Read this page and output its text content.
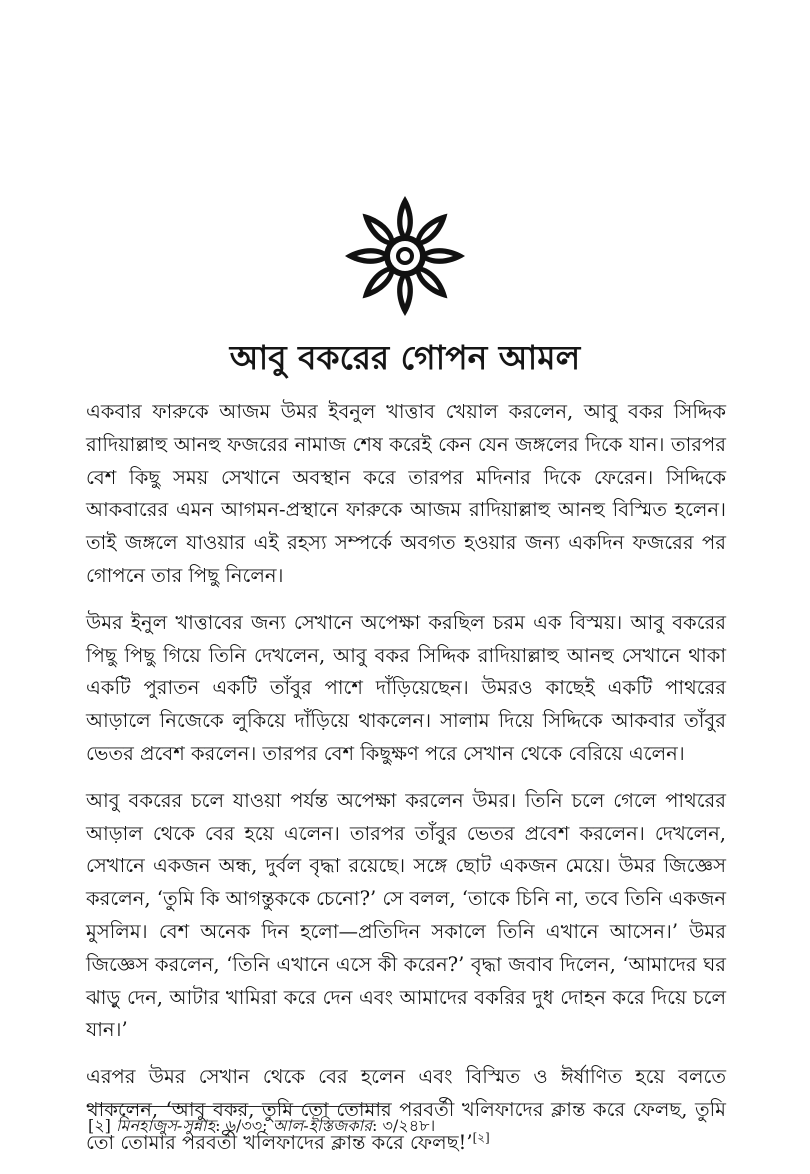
আবু বকরের গোপন আমল

একবার ফারুকে আজম উমর ইবনুল খাত্তাব খেয়াল করলেন, আবু বকর সিদ্দিক রাদিয়াল্লাহু আনহু ফজরের নামাজ শেষ করেই কেন যেন জঙ্গলের দিকে যান। তারপর বেশ কিছু সময় সেখানে অবস্থান করে তারপর মদিনার দিকে ফেরেন। সিদ্দিকে আকবারের এমন আগমন-প্রস্থানে ফারুকে আজম রাদিয়াল্লাহু আনহু বিস্মিত হলেন। তাই জঙ্গলে যাওয়ার এই রহস্য সম্পর্কে অবগত হওয়ার জন্য একদিন ফজরের পর গোপনে তার পিছু নিলেন।

উমর ইনুল খাত্তাবের জন্য সেখানে অপেক্ষা করছিল চরম এক বিস্ময়। আবু বকরের পিছু পিছু গিয়ে তিনি দেখলেন, আবু বকর সিদ্দিক রাদিয়াল্লাহু আনহু সেখানে থাকা একটি পুরাতন একটি তাঁবুর পাশে দাঁড়িয়েছেন। উমরও কাছেই একটি পাথরের আড়ালে নিজেকে লুকিয়ে দাঁড়িয়ে থাকলেন। সালাম দিয়ে সিদ্দিকে আকবার তাঁবুর ভেতর প্রবেশ করলেন। তারপর বেশ কিছুক্ষণ পরে সেখান থেকে বেরিয়ে এলেন।

আবু বকরের চলে যাওয়া পর্যন্ত অপেক্ষা করলেন উমর। তিনি চলে গেলে পাথরের আড়াল থেকে বের হয়ে এলেন। তারপর তাঁবুর ভেতর প্রবেশ করলেন। দেখলেন, সেখানে একজন অন্ধ, দুর্বল বৃদ্ধা রয়েছে। সঙ্গে ছোট একজন মেয়ে। উমর জিজ্ঞেস করলেন, ‘তুমি কি আগন্তুককে চেনো?’ সে বলল, ‘তাকে চিনি না, তবে তিনি একজন মুসলিম। বেশ অনেক দিন হলো—প্রতিদিন সকালে তিনি এখানে আসেন।’ উমর জিজ্ঞেস করলেন, ‘তিনি এখানে এসে কী করেন?’ বৃদ্ধা জবাব দিলেন, ‘আমাদের ঘর ঝাড়ু দেন, আটার খামিরা করে দেন এবং আমাদের বকরির দুধ দোহন করে দিয়ে চলে যান।’

এরপর উমর সেখান থেকে বের হলেন এবং বিস্মিত ও ঈর্ষাণিত হয়ে বলতে থাকলেন, ‘আবু বকর, তুমি তো তোমার পরবর্তী খলিফাদের ক্লান্ত করে ফেলছ, তুমি তো তোমার পরবর্তী খলিফাদের ক্লান্ত করে ফেলছ!’[২]

[২] মিনহাজুস-সুন্নাহ: ৬/৩৩; আল-ইস্তিজকার: ৩/২৪৮।
